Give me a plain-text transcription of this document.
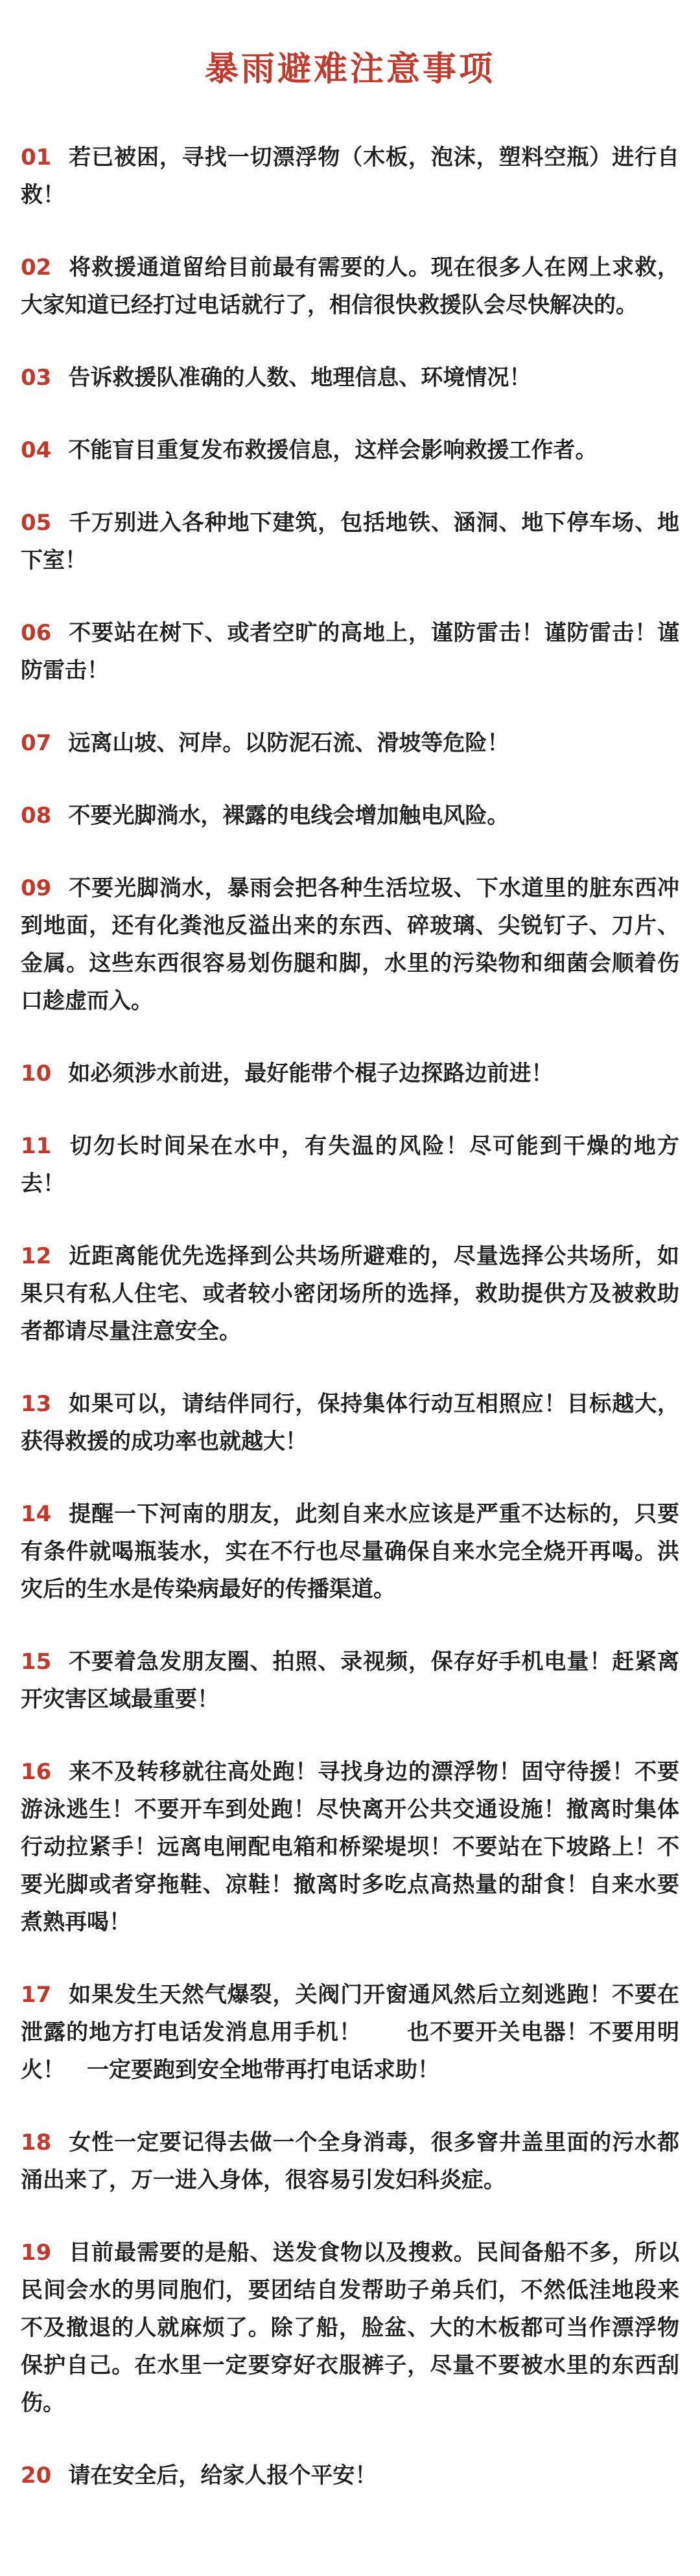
暴雨避难注意事项

01 若已被困，寻找一切漂浮物（木板，泡沫，塑料空瓶）进行自救！

02 将救援通道留给目前最有需要的人。现在很多人在网上求救，大家知道已经打过电话就行了，相信很快救援队会尽快解决的。

03 告诉救援队准确的人数、地理信息、环境情况！

04 不能盲目重复发布救援信息，这样会影响救援工作者。

05 千万别进入各种地下建筑，包括地铁、涵洞、地下停车场、地下室！

06 不要站在树下、或者空旷的高地上，谨防雷击！谨防雷击！谨防雷击！

07 远离山坡、河岸。以防泥石流、滑坡等危险！

08 不要光脚淌水，裸露的电线会增加触电风险。

09 不要光脚淌水，暴雨会把各种生活垃圾、下水道里的脏东西冲到地面，还有化粪池反溢出来的东西、碎玻璃、尖锐钉子、刀片、金属。这些东西很容易划伤腿和脚，水里的污染物和细菌会顺着伤口趁虚而入。

10 如必须涉水前进，最好能带个棍子边探路边前进！

11 切勿长时间呆在水中，有失温的风险！尽可能到干燥的地方去！

12 近距离能优先选择到公共场所避难的，尽量选择公共场所，如果只有私人住宅、或者较小密闭场所的选择，救助提供方及被救助者都请尽量注意安全。

13 如果可以，请结伴同行，保持集体行动互相照应！目标越大，获得救援的成功率也就越大！

14 提醒一下河南的朋友，此刻自来水应该是严重不达标的，只要有条件就喝瓶装水，实在不行也尽量确保自来水完全烧开再喝。洪灾后的生水是传染病最好的传播渠道。

15 不要着急发朋友圈、拍照、录视频，保存好手机电量！赶紧离开灾害区域最重要！

16 来不及转移就往高处跑！寻找身边的漂浮物！固守待援！不要游泳逃生！不要开车到处跑！尽快离开公共交通设施！撤离时集体行动拉紧手！远离电闸配电箱和桥梁堤坝！不要站在下坡路上！不要光脚或者穿拖鞋、凉鞋！撤离时多吃点高热量的甜食！自来水要煮熟再喝！

17 如果发生天然气爆裂，关阀门开窗通风然后立刻逃跑！不要在泄露的地方打电话发消息用手机！　　也不要开关电器！不要用明火！　一定要跑到安全地带再打电话求助！

18 女性一定要记得去做一个全身消毒，很多窨井盖里面的污水都涌出来了，万一进入身体，很容易引发妇科炎症。

19 目前最需要的是船、送发食物以及搜救。民间备船不多，所以民间会水的男同胞们，要团结自发帮助子弟兵们，不然低洼地段来不及撤退的人就麻烦了。除了船，脸盆、大的木板都可当作漂浮物保护自己。在水里一定要穿好衣服裤子，尽量不要被水里的东西刮伤。

20 请在安全后，给家人报个平安！
